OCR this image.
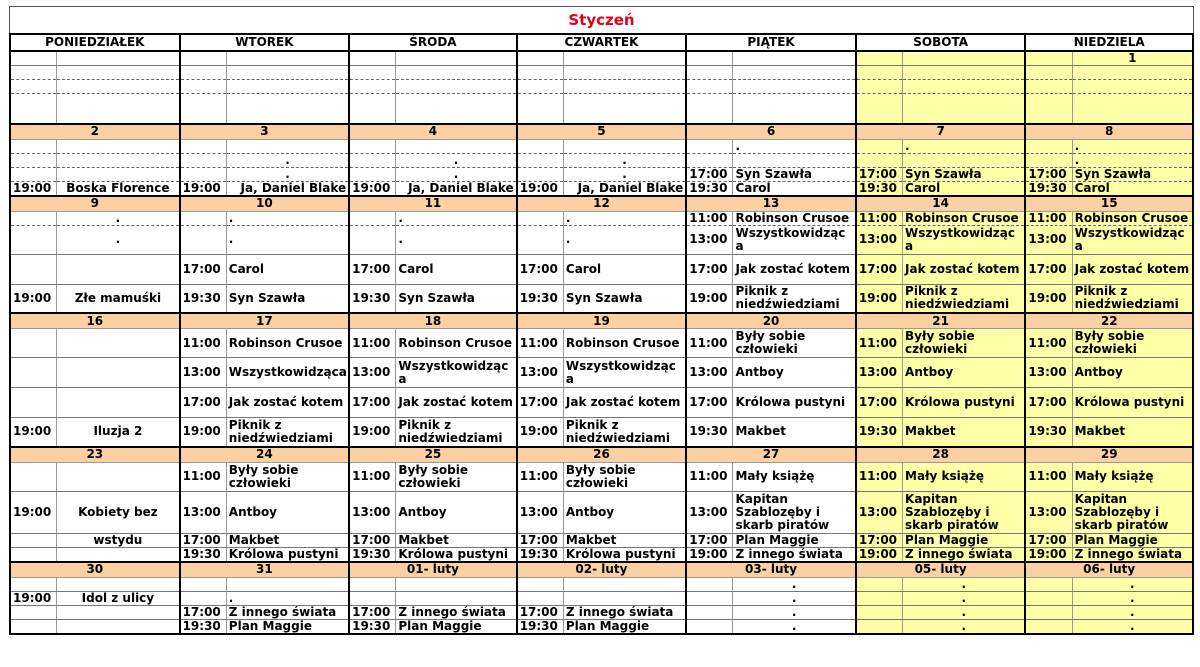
Styczeń
PONIEDZIAŁEK		WTOREK		ŚRODA		CZWARTEK		PIĄTEK		SOBOTA		NIEDZIELA	
													1

2		3		4		5		6		7		8	
									.		.		.
			.		.		.						.
			.		.		.	17:00	Syn Szawła	17:00	Syn Szawła	17:00	Syn Szawła
19:00	Boska Florence	19:00	Ja, Daniel Blake	19:00	Ja, Daniel Blake	19:00	Ja, Daniel Blake	19:30	Carol	19:30	Carol	19:30	Carol
9		10		11		12		13		14		15	
	.		.		.		.	11:00	Robinson Crusoe	11:00	Robinson Crusoe	11:00	Robinson Crusoe
	.		.		.		.	13:00	Wszystkowidząc a	13:00	Wszystkowidząc a	13:00	Wszystkowidząc a
		17:00	Carol	17:00	Carol	17:00	Carol	17:00	Jak zostać kotem	17:00	Jak zostać kotem	17:00	Jak zostać kotem
19:00	Złe mamuśki	19:30	Syn Szawła	19:30	Syn Szawła	19:30	Syn Szawła	19:00	Piknik z niedźwiedziami	19:00	Piknik z niedźwiedziami	19:00	Piknik z niedźwiedziami
16		17		18		19		20		21		22	
		11:00	Robinson Crusoe	11:00	Robinson Crusoe	11:00	Robinson Crusoe	11:00	Były sobie człowieki	11:00	Były sobie człowieki	11:00	Były sobie człowieki
		13:00	Wszystkowidząca	13:00	Wszystkowidząc a	13:00	Wszystkowidząc a	13:00	Antboy	13:00	Antboy	13:00	Antboy
		17:00	Jak zostać kotem	17:00	Jak zostać kotem	17:00	Jak zostać kotem	17:00	Królowa pustyni	17:00	Królowa pustyni	17:00	Królowa pustyni
19:00	Iluzja 2	19:00	Piknik z niedźwiedziami	19:00	Piknik z niedźwiedziami	19:00	Piknik z niedźwiedziami	19:30	Makbet	19:30	Makbet	19:30	Makbet
23		24		25		26		27		28		29	
		11:00	Były sobie człowieki	11:00	Były sobie człowieki	11:00	Były sobie człowieki	11:00	Mały książę	11:00	Mały książę	11:00	Mały książę
19:00	Kobiety bez	13:00	Antboy	13:00	Antboy	13:00	Antboy	13:00	Kapitan Szablozęby i skarb piratów	13:00	Kapitan Szablozęby i skarb piratów	13:00	Kapitan Szablozęby i skarb piratów
	wstydu	17:00	Makbet	17:00	Makbet	17:00	Makbet	17:00	Plan Maggie	17:00	Plan Maggie	17:00	Plan Maggie
		19:30	Królowa pustyni	19:30	Królowa pustyni	19:30	Królowa pustyni	19:00	Z innego świata	19:00	Z innego świata	19:00	Z innego świata
30		31		01- luty		02- luty		03- luty		05- luty		06- luty	
									.		.		.
19:00	Idol z ulicy		.						.		.		.
		17:00	Z innego świata	17:00	Z innego świata	17:00	Z innego świata		.		.		.
		19:30	Plan Maggie	19:30	Plan Maggie	19:30	Plan Maggie		.		.		.
